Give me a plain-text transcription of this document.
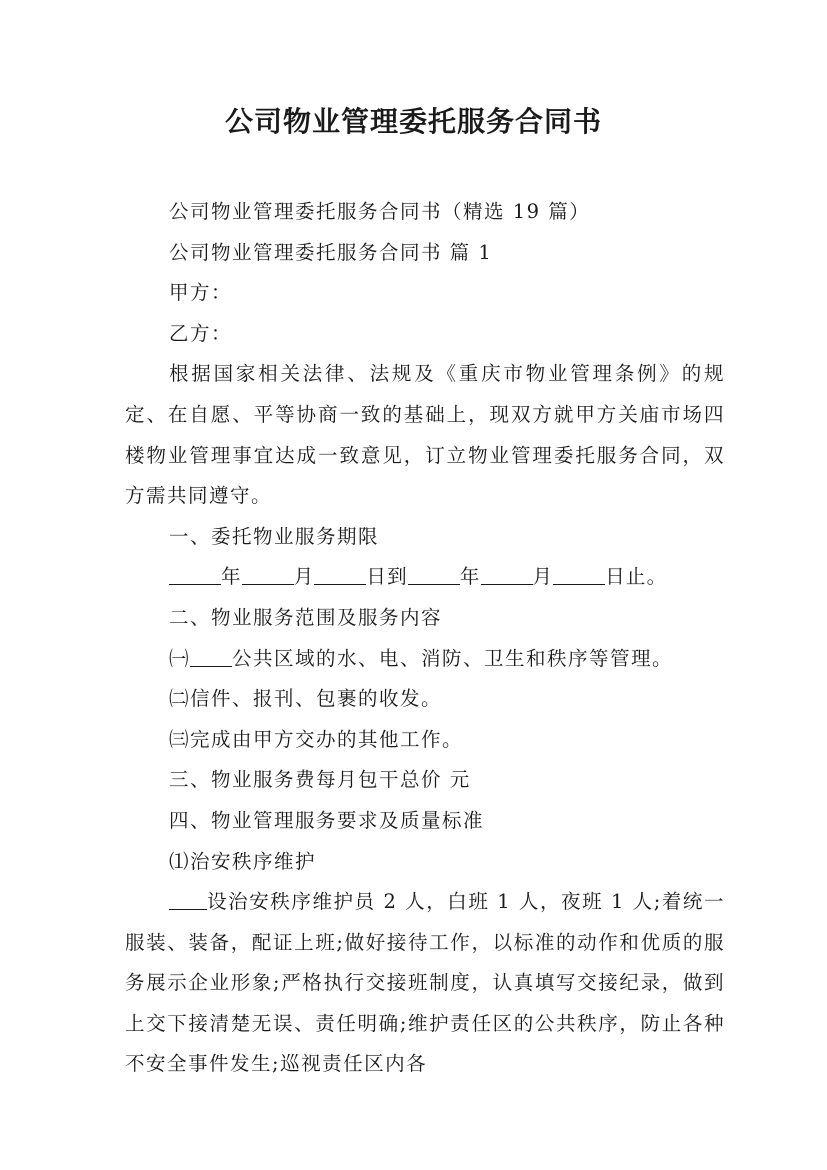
公司物业管理委托服务合同书

公司物业管理委托服务合同书（精选 19 篇）

公司物业管理委托服务合同书 篇 1

甲方：

乙方：

根据国家相关法律、法规及《重庆市物业管理条例》的规定、在自愿、平等协商一致的基础上，现双方就甲方关庙市场四楼物业管理事宜达成一致意见，订立物业管理委托服务合同，双方需共同遵守。

一、委托物业服务期限

年	月	日到	年	月	日止。

二、物业服务范围及服务内容

㈠ 公共区域的水、电、消防、卫生和秩序等管理。

㈡信件、报刊、包裹的收发。

㈢完成由甲方交办的其他工作。

三、物业服务费每月包干总价 元

四、物业管理服务要求及质量标准

⑴治安秩序维护

设治安秩序维护员 2 人，白班 1 人，夜班 1 人;着统一服装、装备，配证上班;做好接待工作，以标准的动作和优质的服务展示企业形象;严格执行交接班制度，认真填写交接纪录，做到上交下接清楚无误、责任明确;维护责任区的公共秩序，防止各种不安全事件发生;巡视责任区内各
